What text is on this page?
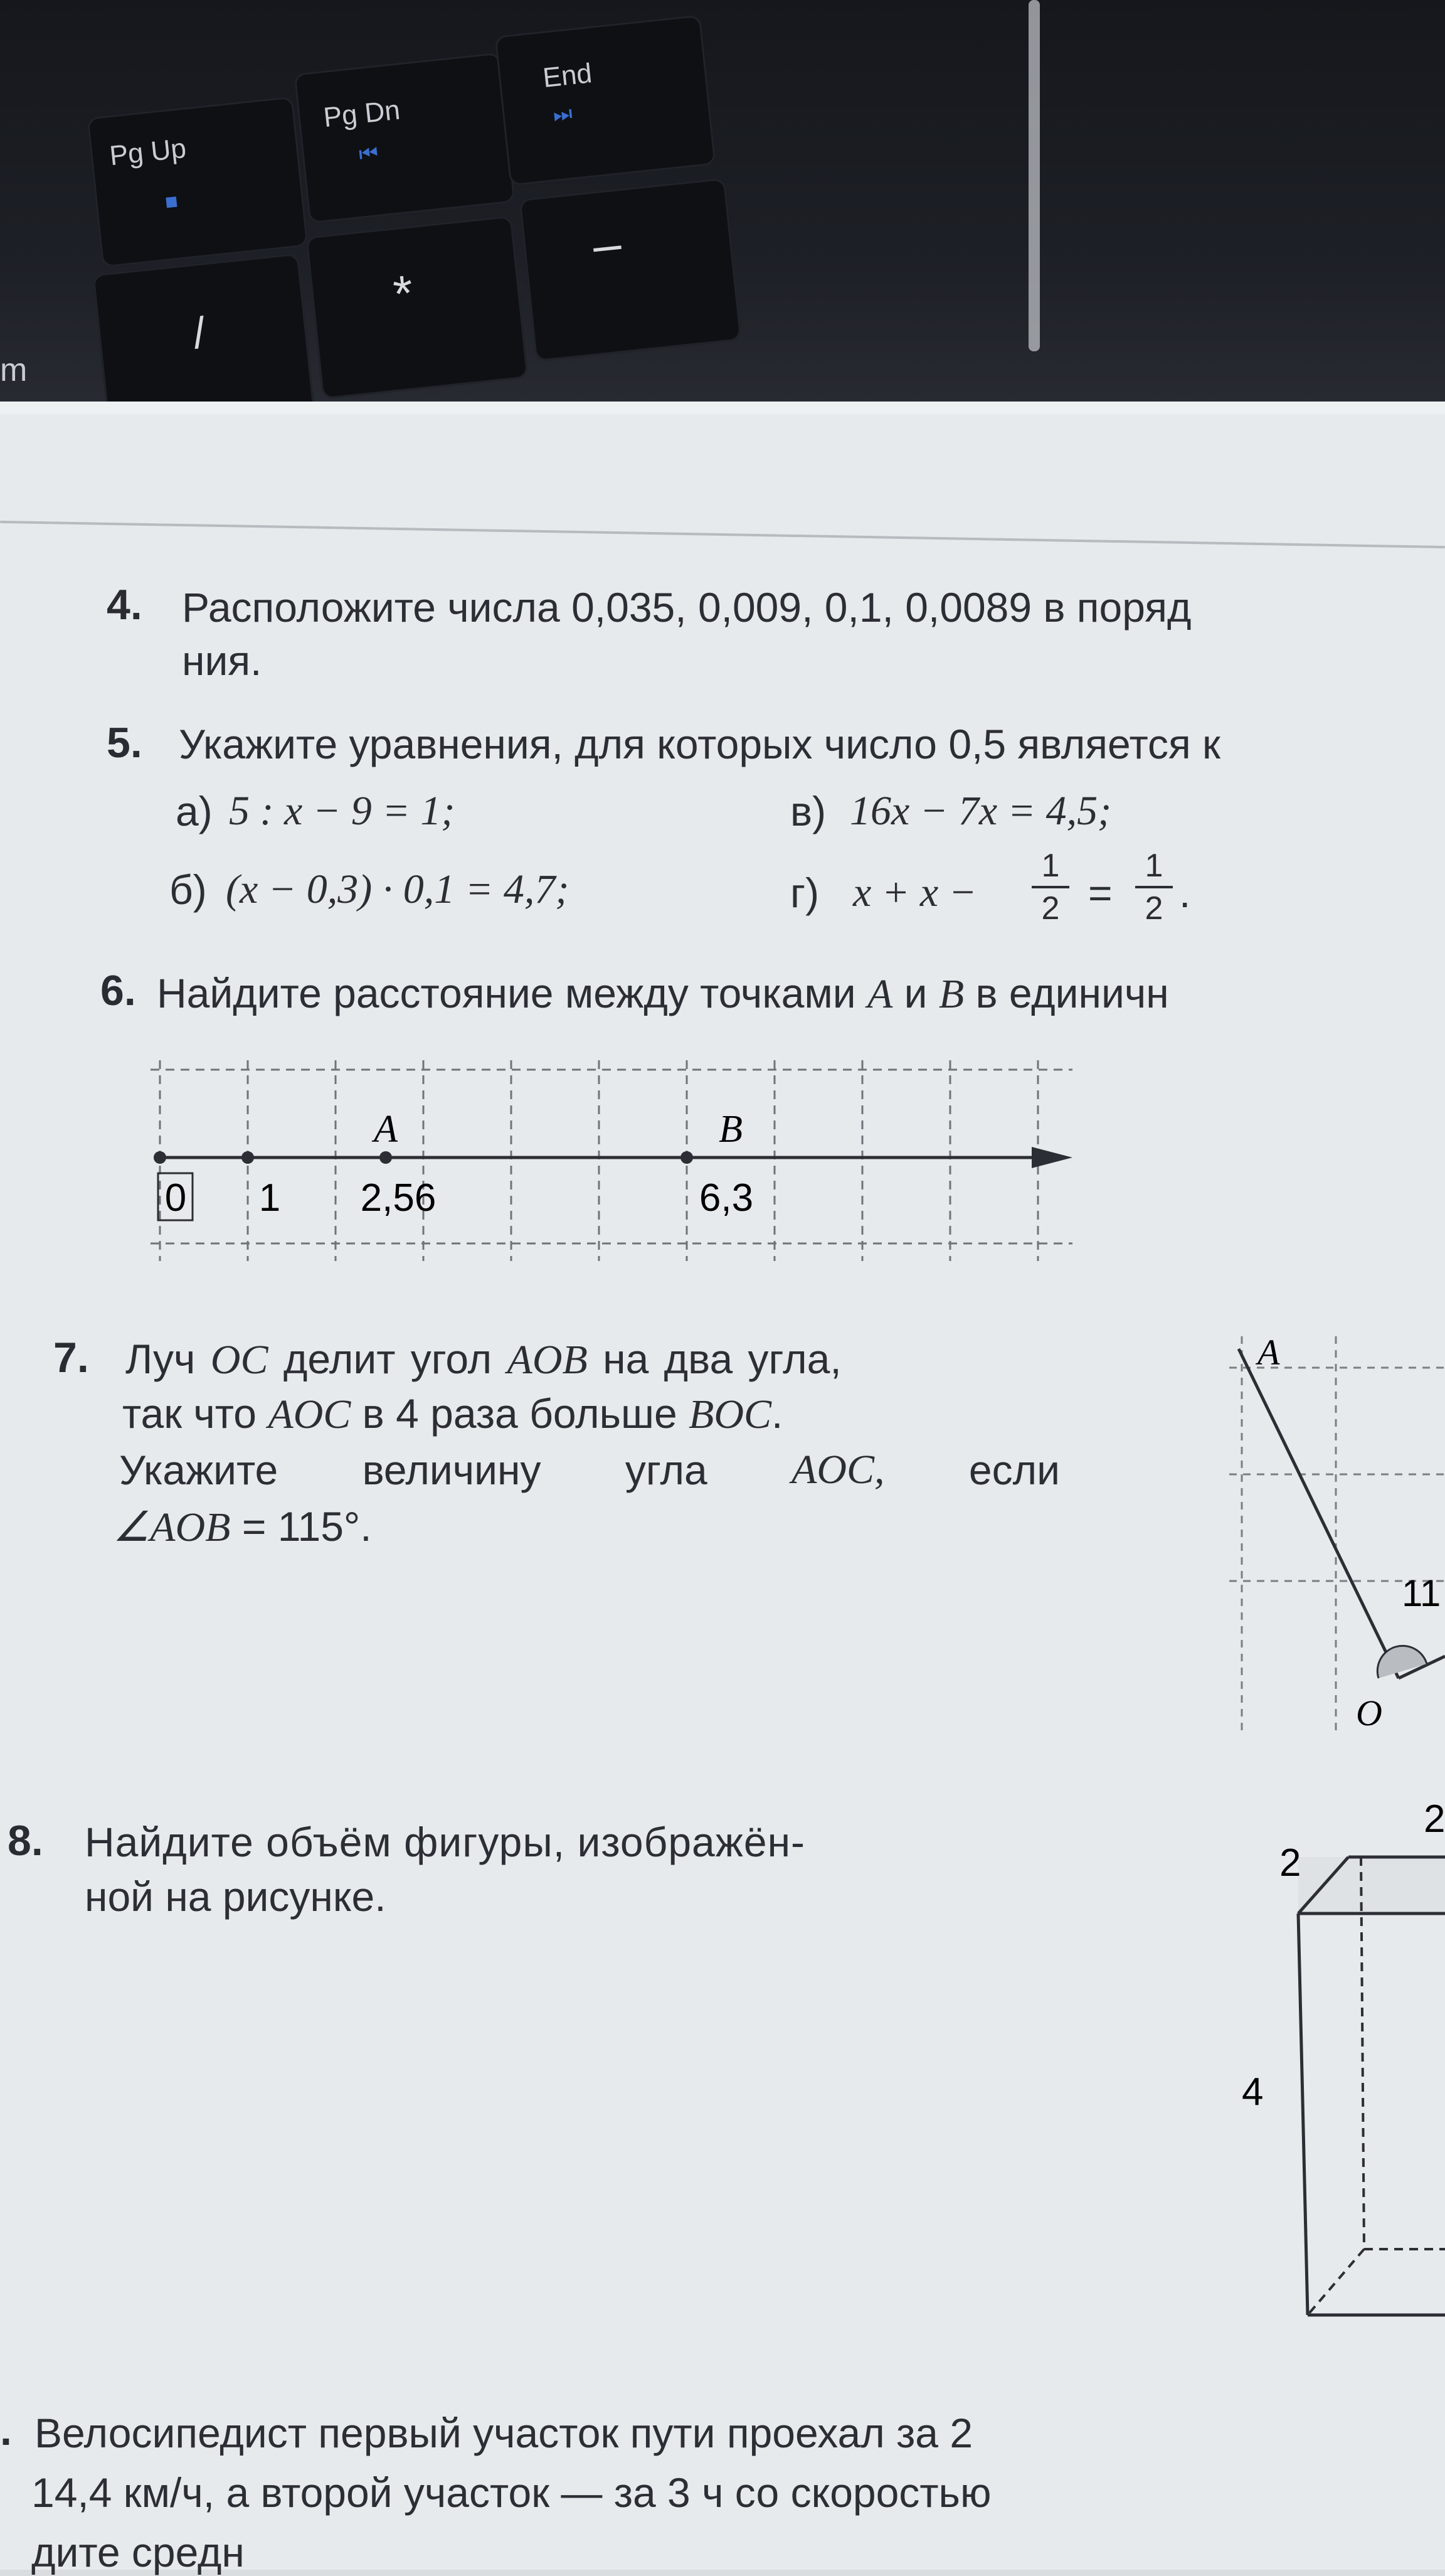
Pg Up
■
Pg Dn
⏮
End
⏭
/
*
–
m
4. Расположите числа 0,035, 0,009, 0,1, 0,0089 в поряд
ния.
5. Укажите уравнения, для которых число 0,5 является к
а) 5 : x − 9 = 1;	в) 16x − 7x = 4,5;
б) (x − 0,3) · 0,1 = 4,7;	г) x + x −
1
2 =
1
2 .
6. Найдите расстояние между точками A и B в единичн
A	B
0 1 2,56	6,3
7. Луч OC делит угол AOB на два угла,
так что AOC в 4 раза больше BOC.
Укажите величину угла AOC, если
∠AOB = 115°.
A
O
11
8. Найдите объём фигуры, изображён-
ной на рисунке.
2
2
4
. Велосипедист первый участок пути проехал за 2
14,4 км/ч, а второй участок — за 3 ч со скоростью
дите средн
